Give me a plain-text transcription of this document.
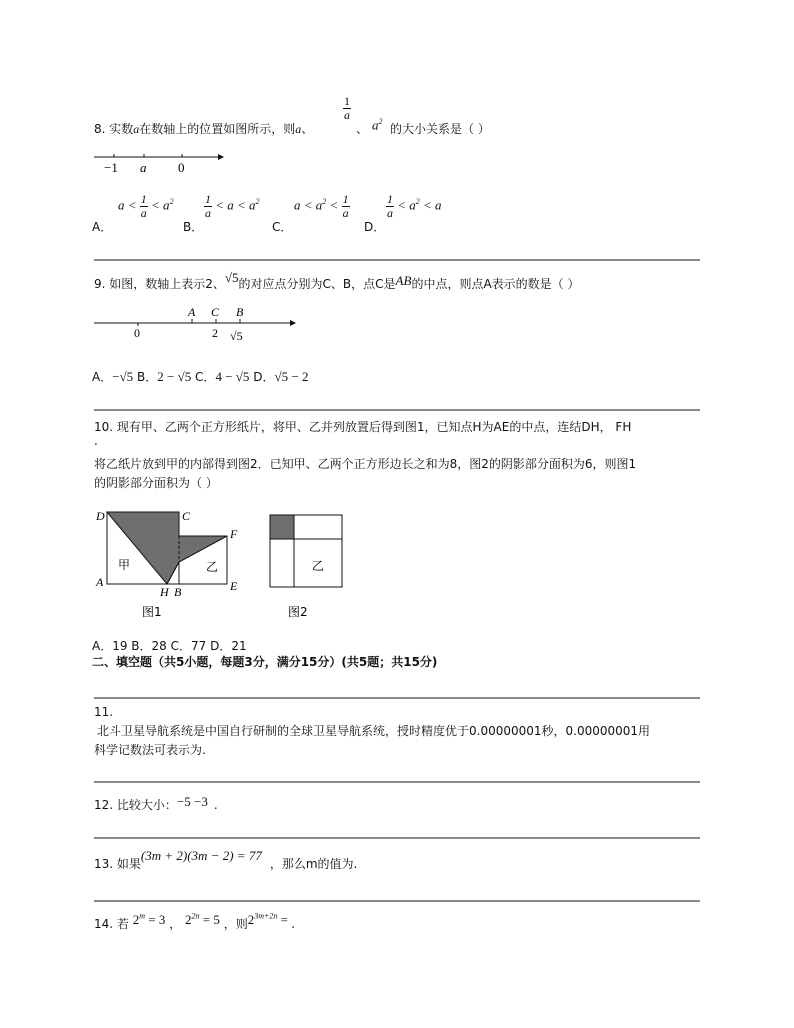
8. 实数a在数轴上的位置如图所示，则a、
$\frac{1}{a}$
、 $a^2$
的大小关系是（ ）
−1 a 0
A．
$a < \frac{1}{a} < a^2$
B．
$\frac{1}{a} < a < a^2$
C．
$a < a^2 < \frac{1}{a}$
D．
$\frac{1}{a} < a^2 < a$
9. 如图，数轴上表示2、√5的对应点分别为C、B，点C是AB的中点，则点A表示的数是（ ）
A C B
0	2 √5
A．−√5 B．2 − √5 C．4 − √5 D．√5 − 2
10. 现有甲、乙两个正方形纸片，将甲、乙并列放置后得到图1，已知点H为AE的中点，连结DH， FH
.
将乙纸片放到甲的内部得到图2．已知甲、乙两个正方形边长之和为8，图2的阴影部分面积为6，则图1
的阴影部分面积为（ ）
D	C
F
A
H B	E
甲	乙
图1
乙
图2
A．19 B．28 C．77 D．21
二、填空题（共5小题，每题3分，满分15分）(共5题；共15分)
11.
北斗卫星导航系统是中国自行研制的全球卫星导航系统，授时精度优于0.00000001秒，0.00000001用
科学记数法可表示为.
12. 比较大小：−5 −3 .
13. 如果(3m + 2)(3m − 2) = 77，那么m的值为.
14. 若 $2^m = 3$ ， $2^{2n} = 5$ ，则$2^{3m+2n}$ = .
